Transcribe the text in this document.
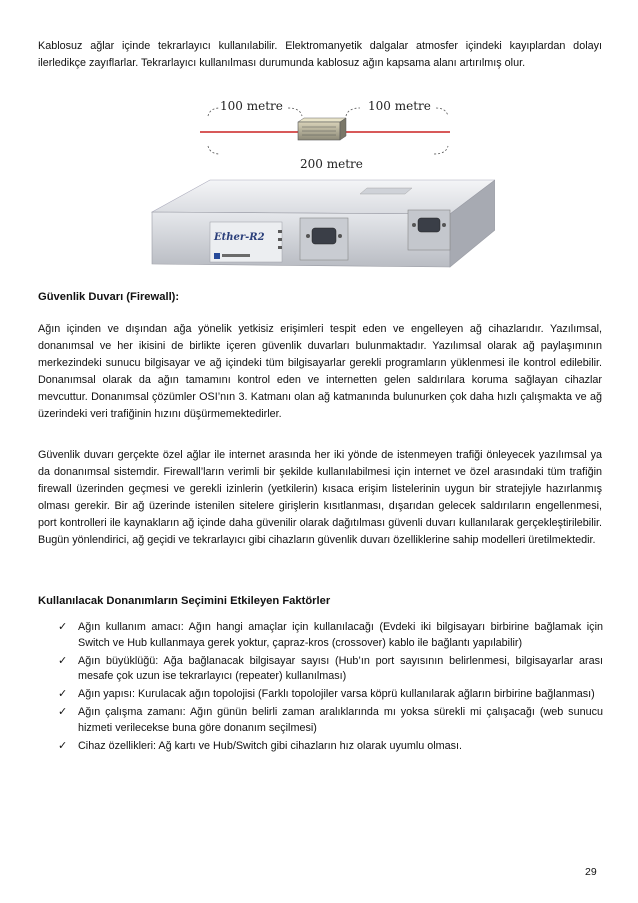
Kablosuz ağlar içinde tekrarlayıcı kullanılabilir. Elektromanyetik dalgalar atmosfer içindeki kayıplardan dolayı ilerledikçe zayıflarlar. Tekrarlayıcı kullanılması durumunda kablosuz ağın kapsama alanı artırılmış olur.

100 metre	100 metre
200 metre
Ether-R2

Güvenlik Duvarı (Firewall):

Ağın içinden ve dışından ağa yönelik yetkisiz erişimleri tespit eden ve engelleyen ağ cihazlarıdır. Yazılımsal, donanımsal ve her ikisini de birlikte içeren güvenlik duvarları bulunmaktadır. Yazılımsal olarak ağ paylaşımının merkezindeki sunucu bilgisayar ve ağ içindeki tüm bilgisayarlar gerekli programların yüklenmesi ile kontrol edilebilir. Donanımsal olarak da ağın tamamını kontrol eden ve internetten gelen saldırılara koruma sağlayan cihazlar mevcuttur. Donanımsal çözümler OSI’nın 3. Katmanı olan ağ katmanında bulunurken çok daha hızlı çalışmakta ve ağ üzerindeki veri trafiğinin hızını düşürmemektedirler.

Güvenlik duvarı gerçekte özel ağlar ile internet arasında her iki yönde de istenmeyen trafiği önleyecek yazılımsal ya da donanımsal sistemdir. Firewall’ların verimli bir şekilde kullanılabilmesi için internet ve özel arasındaki tüm trafiğin firewall üzerinden geçmesi ve gerekli izinlerin (yetkilerin) kısaca erişim listelerinin uygun bir stratejiyle hazırlanmış olması gerekir. Bir ağ üzerinde istenilen sitelere girişlerin kısıtlanması, dışarıdan gelecek saldırıların engellenmesi, port kontrolleri ile kaynakların ağ içinde daha güvenilir olarak dağıtılması güvenli duvarı kullanılarak gerçekleştirilebilir. Bugün yönlendirici, ağ geçidi ve tekrarlayıcı gibi cihazların güvenlik duvarı özelliklerine sahip modelleri üretilmektedir.

Kullanılacak Donanımların Seçimini Etkileyen Faktörler

✓ Ağın kullanım amacı: Ağın hangi amaçlar için kullanılacağı (Evdeki iki bilgisayarı birbirine bağlamak için Switch ve Hub kullanmaya gerek yoktur, çapraz-kros (crossover) kablo ile bağlantı yapılabilir)
✓ Ağın büyüklüğü: Ağa bağlanacak bilgisayar sayısı (Hub’ın port sayısının belirlenmesi, bilgisayarlar arası mesafe çok uzun ise tekrarlayıcı (repeater) kullanılması)
✓ Ağın yapısı: Kurulacak ağın topolojisi (Farklı topolojiler varsa köprü kullanılarak ağların birbirine bağlanması)
✓ Ağın çalışma zamanı: Ağın günün belirli zaman aralıklarında mı yoksa sürekli mi çalışacağı (web sunucu hizmeti verilecekse buna göre donanım seçilmesi)
✓ Cihaz özellikleri: Ağ kartı ve Hub/Switch gibi cihazların hız olarak uyumlu olması.
29
